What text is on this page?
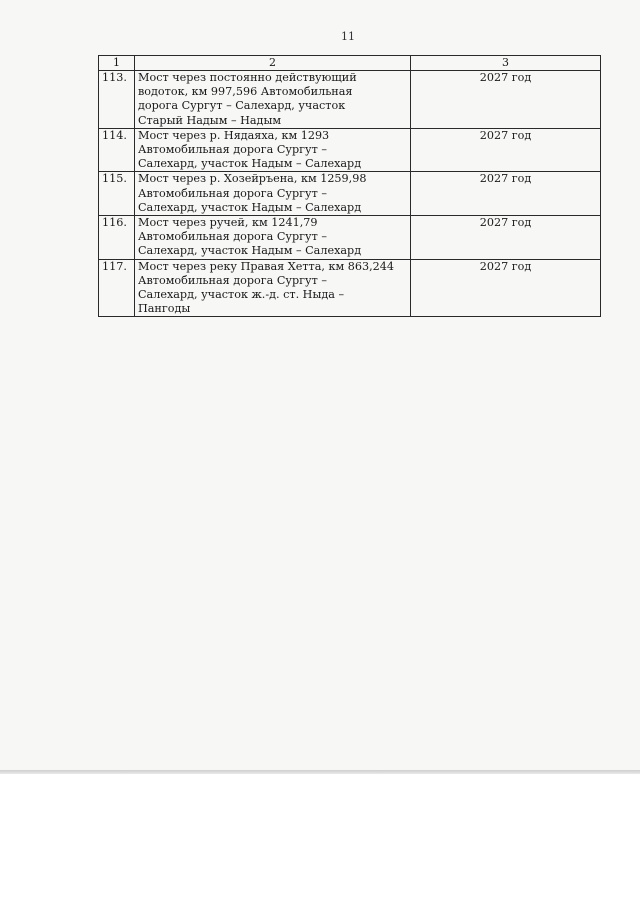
11
1	2	3
113.	Мост через постоянно действующий
водоток, км 997,596 Автомобильная
дорога Сургут – Салехард, участок
Старый Надым – Надым	2027 год
114.	Мост через р. Нядаяха, км 1293
Автомобильная дорога Сургут –
Салехард, участок Надым – Салехард	2027 год
115.	Мост через р. Хозейръена, км 1259,98
Автомобильная дорога Сургут –
Салехард, участок Надым – Салехард	2027 год
116.	Мост через ручей, км 1241,79
Автомобильная дорога Сургут –
Салехард, участок Надым – Салехард	2027 год
117.	Мост через реку Правая Хетта, км 863,244
Автомобильная дорога Сургут –
Салехард, участок ж.-д. ст. Ныда –
Пангоды	2027 год
